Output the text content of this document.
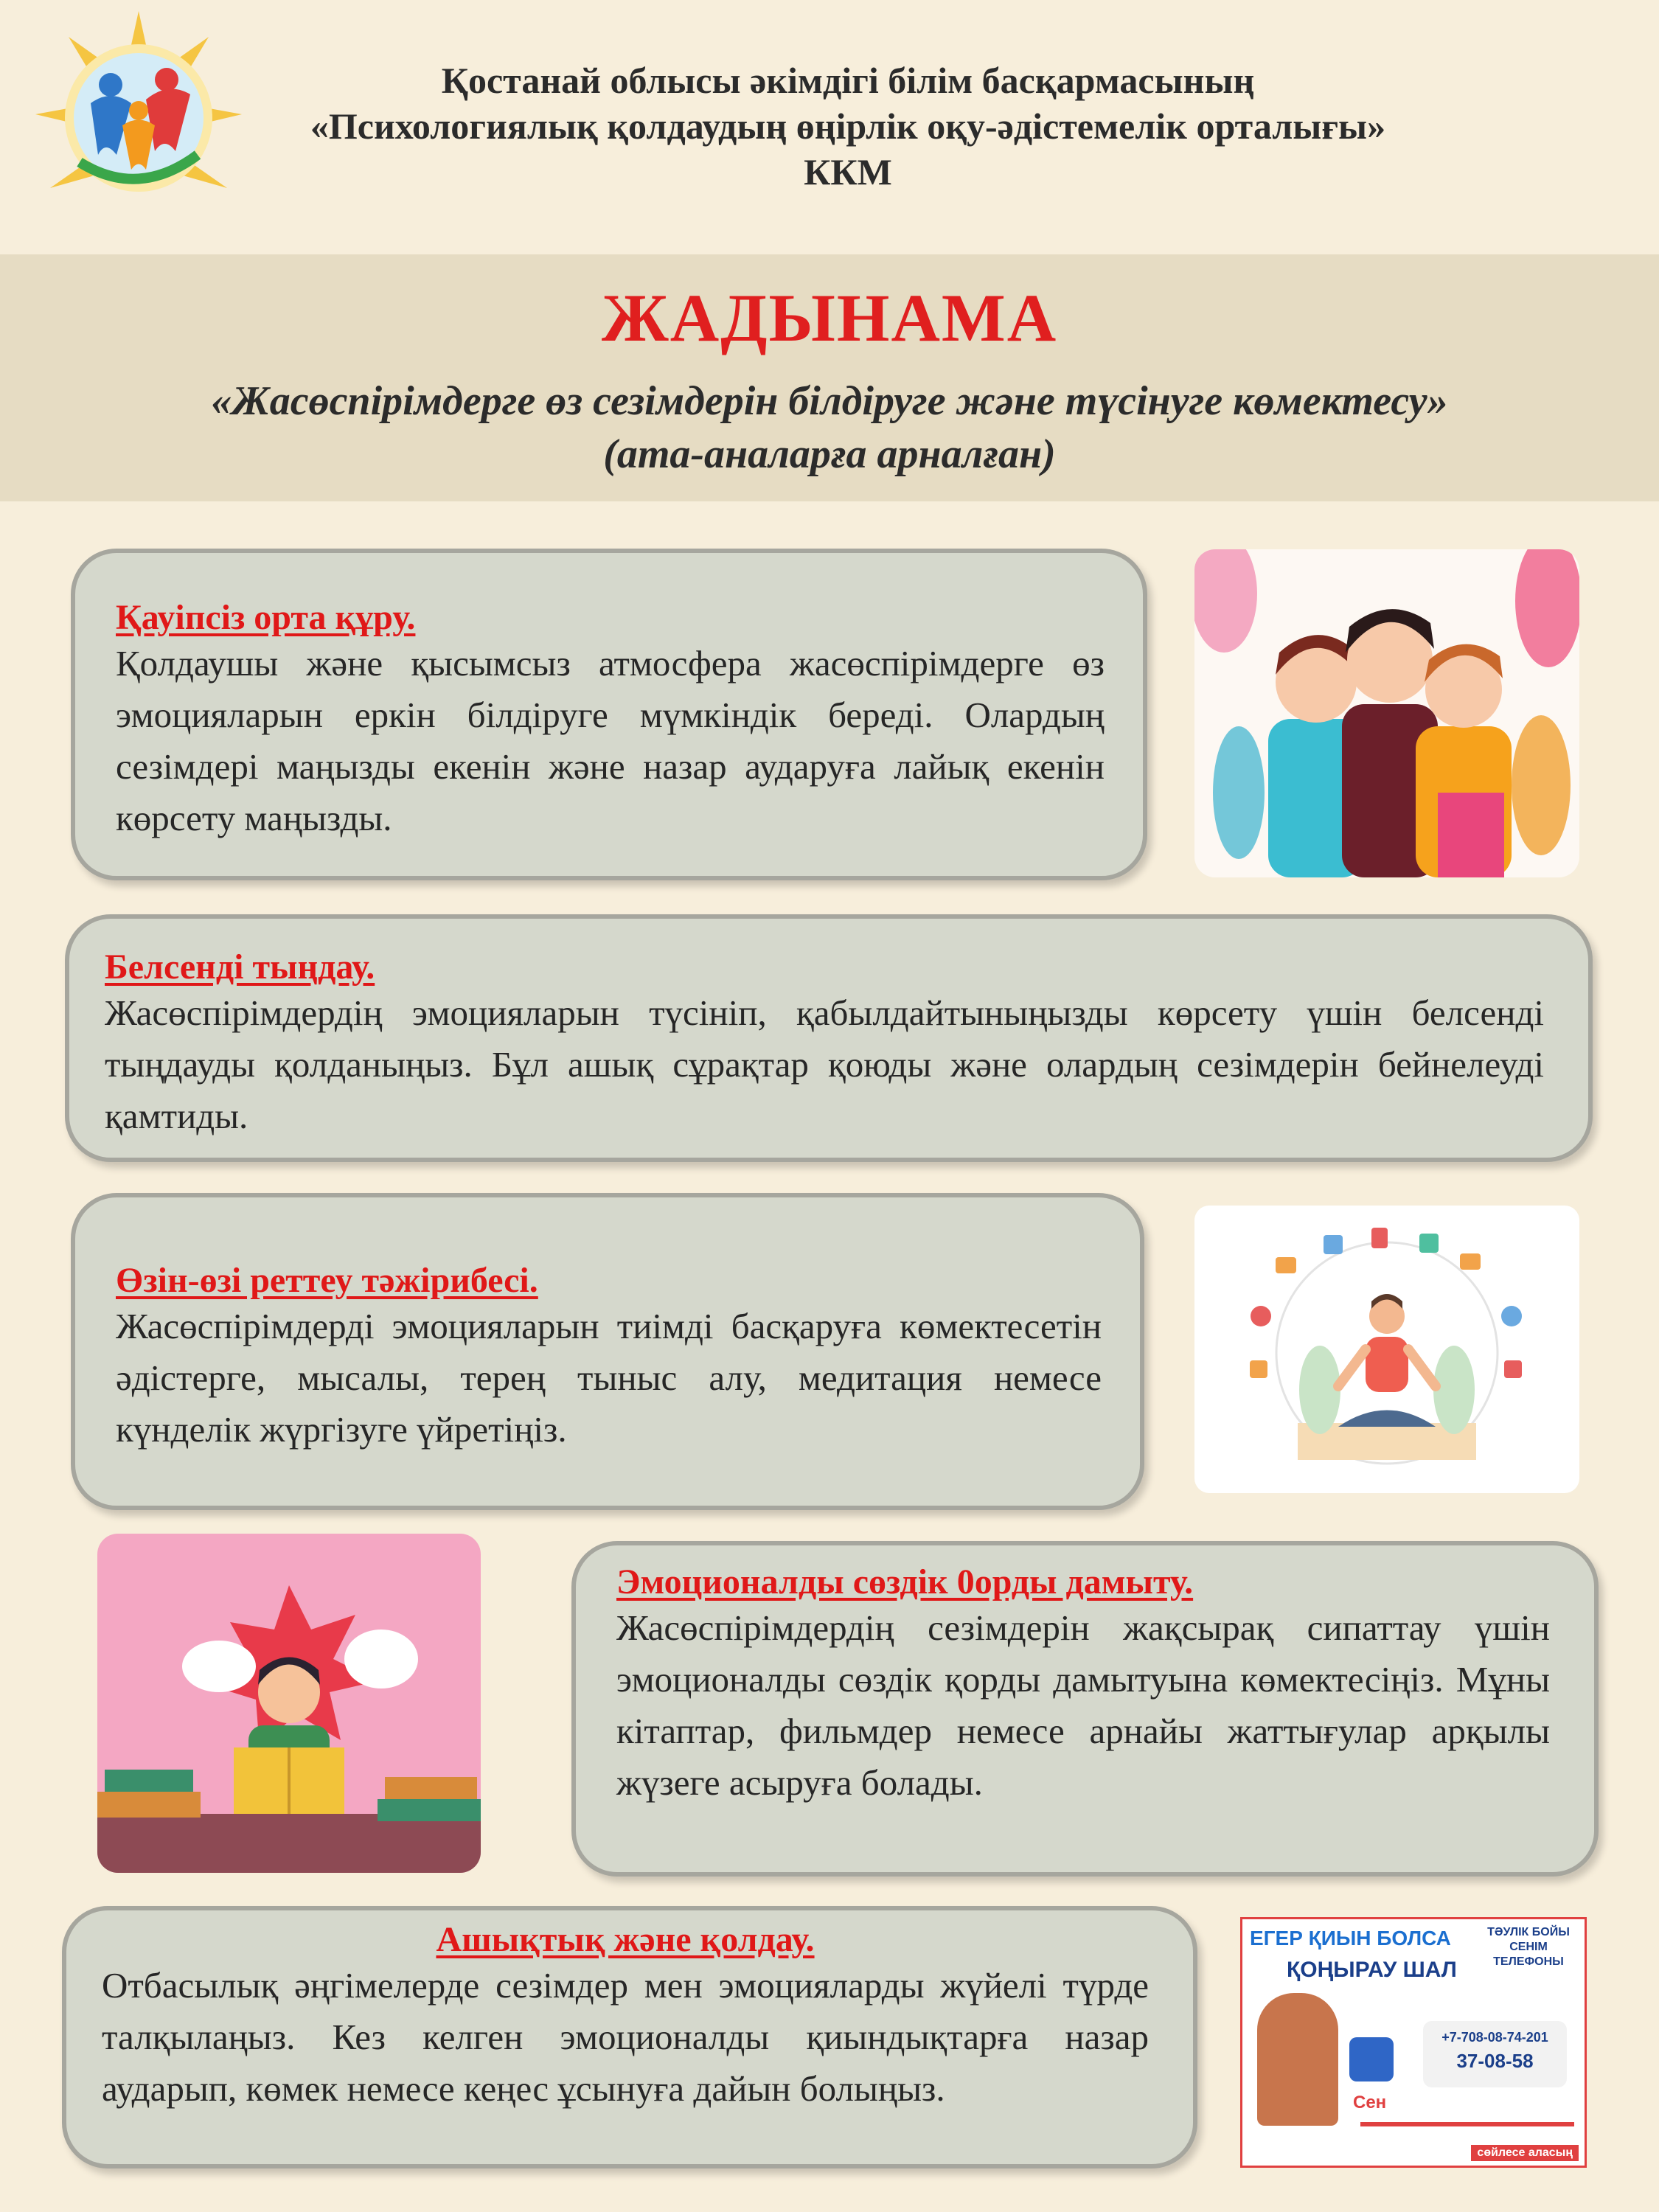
Қостанай облысы әкімдігі білім басқармасының
«Психологиялық қолдаудың өңірлік оқу-әдістемелік орталығы»
ККМ
ЖАДЫНАМА
«Жасөспірімдерге өз сезімдерін білдіруге және түсінуге көмектесу»
(ата-аналарға арналған)
Қауіпсіз орта құру.
Қолдаушы және қысымсыз атмосфера жасөспірімдерге өз эмоцияларын еркін білдіруге мүмкіндік береді. Олардың сезімдері маңызды екенін және назар аударуға лайық екенін көрсету маңызды.
Белсенді тыңдау.
Жасөспірімдердің эмоцияларын түсініп, қабылдайтыныңызды көрсету үшін белсенді тыңдауды қолданыңыз. Бұл ашық сұрақтар қоюды және олардың сезімдерін бейнелеуді қамтиды.
Өзін-өзі реттеу тәжірибесі.
Жасөспірімдерді эмоцияларын тиімді басқаруға көмектесетін әдістерге, мысалы, терең тыныс алу, медитация немесе күнделік жүргізуге үйретіңіз.
Эмоционалды сөздік 0орды дамыту.
Жасөспірімдердің сезімдерін жақсырақ сипаттау үшін эмоционалды сөздік қорды дамытуына көмектесіңіз. Мұны кітаптар, фильмдер немесе арнайы жаттығулар арқылы жүзеге асыруға болады.
Ашықтық және қолдау.
Отбасылық әңгімелерде сезімдер мен эмоцияларды жүйелі түрде талқылаңыз. Кез келген эмоционалды қиындықтарға назар аударып, көмек немесе кеңес ұсынуға дайын болыңыз.
ЕГЕР ҚИЫН БОЛСА
ҚОҢЫРАУ ШАЛ
ТӘУЛІК БОЙЫ
СЕНІМ ТЕЛЕФОНЫ
+7-708-08-74-201
37-08-58
Сен
сөйлесе аласың
